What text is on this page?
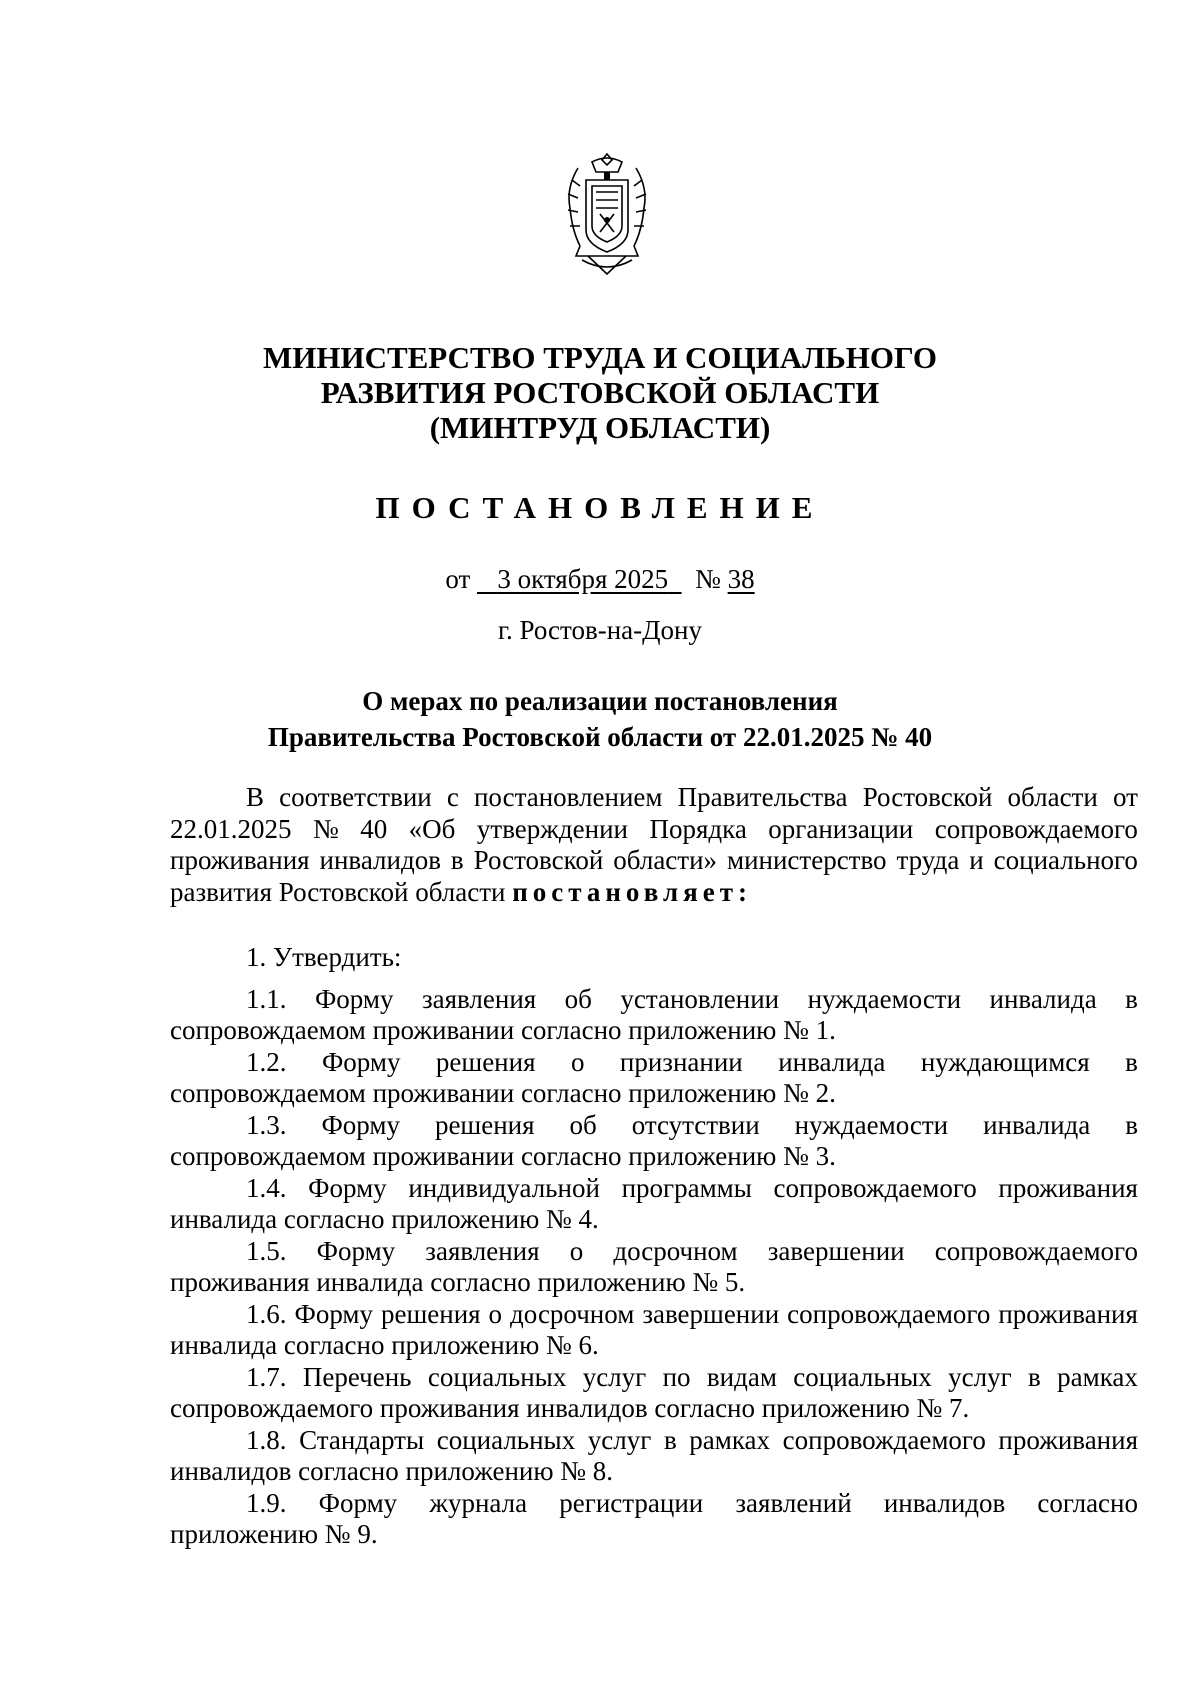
МИНИСТЕРСТВО ТРУДА И СОЦИАЛЬНОГО
РАЗВИТИЯ РОСТОВСКОЙ ОБЛАСТИ
(МИНТРУД ОБЛАСТИ)
ПОСТАНОВЛЕНИЕ
от 3 октября 2025 № 38
г. Ростов-на-Дону
О мерах по реализации постановления
Правительства Ростовской области от 22.01.2025 № 40
В соответствии с постановлением Правительства Ростовской области от
22.01.2025 № 40 «Об утверждении Порядка организации сопровождаемого
проживания инвалидов в Ростовской области» министерство труда и социального
развития Ростовской области постановляет:
1. Утвердить:
1.1. Форму заявления об установлении нуждаемости инвалида в
сопровождаемом проживании согласно приложению № 1.
1.2. Форму решения о признании инвалида нуждающимся в
сопровождаемом проживании согласно приложению № 2.
1.3. Форму решения об отсутствии нуждаемости инвалида в
сопровождаемом проживании согласно приложению № 3.
1.4. Форму индивидуальной программы сопровождаемого проживания
инвалида согласно приложению № 4.
1.5. Форму заявления о досрочном завершении сопровождаемого
проживания инвалида согласно приложению № 5.
1.6. Форму решения о досрочном завершении сопровождаемого проживания
инвалида согласно приложению № 6.
1.7. Перечень социальных услуг по видам социальных услуг в рамках
сопровождаемого проживания инвалидов согласно приложению № 7.
1.8. Стандарты социальных услуг в рамках сопровождаемого проживания
инвалидов согласно приложению № 8.
1.9. Форму журнала регистрации заявлений инвалидов согласно
приложению № 9.
